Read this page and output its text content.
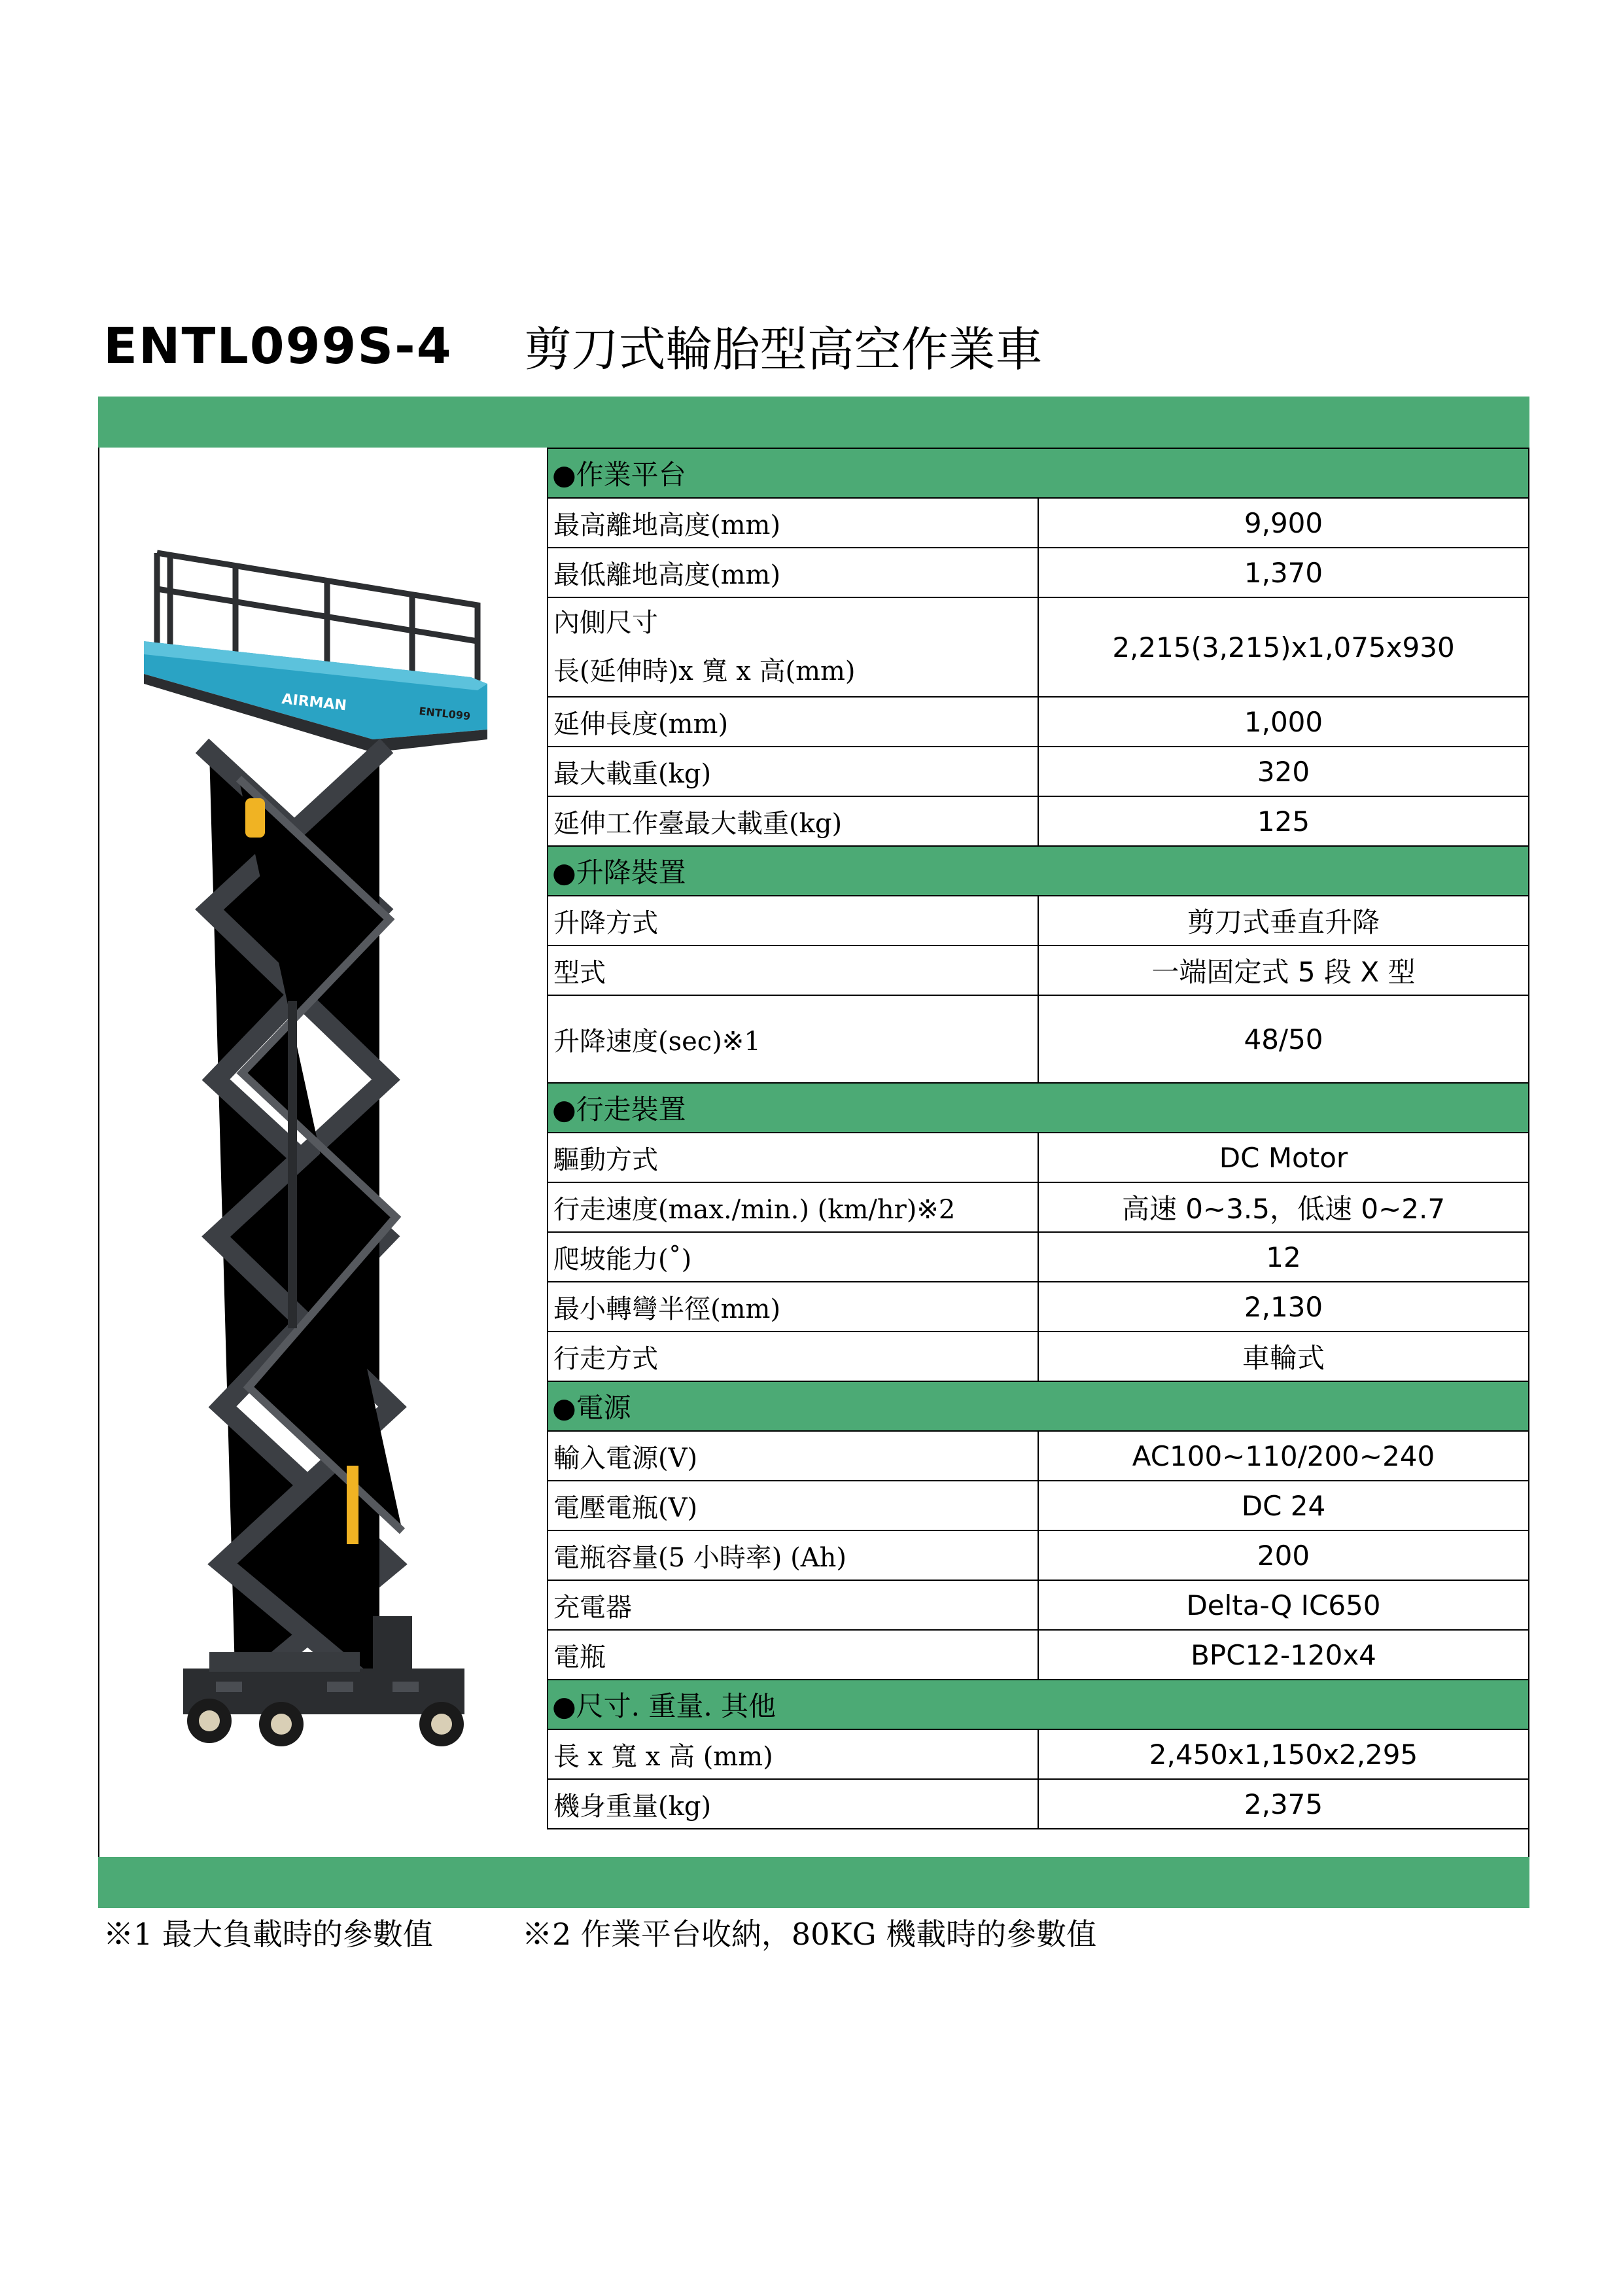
ENTL099S-4 剪刀式輪胎型高空作業車
AIRMAN	ENTL099
●作業平台	
最高離地高度(mm)	9,900
最低離地高度(mm)	1,370

內側尺寸
長(延伸時)x 寬 x 高(mm)	2,215(3,215)x1,075x930
延伸長度(mm)	1,000
最大載重(kg)	320
延伸工作臺最大載重(kg)	125
●升降裝置	
升降方式	剪刀式垂直升降
型式	一端固定式 5 段 X 型
升降速度(sec)※1	48/50
●行走裝置	
驅動方式	DC Motor
行走速度(max./min.) (km/hr)※2	高速 0~3.5，低速 0~2.7
爬坡能力(˚)	12
最小轉彎半徑(mm)	2,130
行走方式	車輪式
●電源	
輸入電源(V)	AC100~110/200~240
電壓電瓶(V)	DC 24
電瓶容量(5 小時率) (Ah)	200
充電器	Delta-Q IC650
電瓶	BPC12-120x4
●尺寸. 重量. 其他	
長 x 寬 x 高 (mm)	2,450x1,150x2,295
機身重量(kg)	2,375
※1 最大負載時的參數值	※2 作業平台收納，80KG 機載時的參數值
